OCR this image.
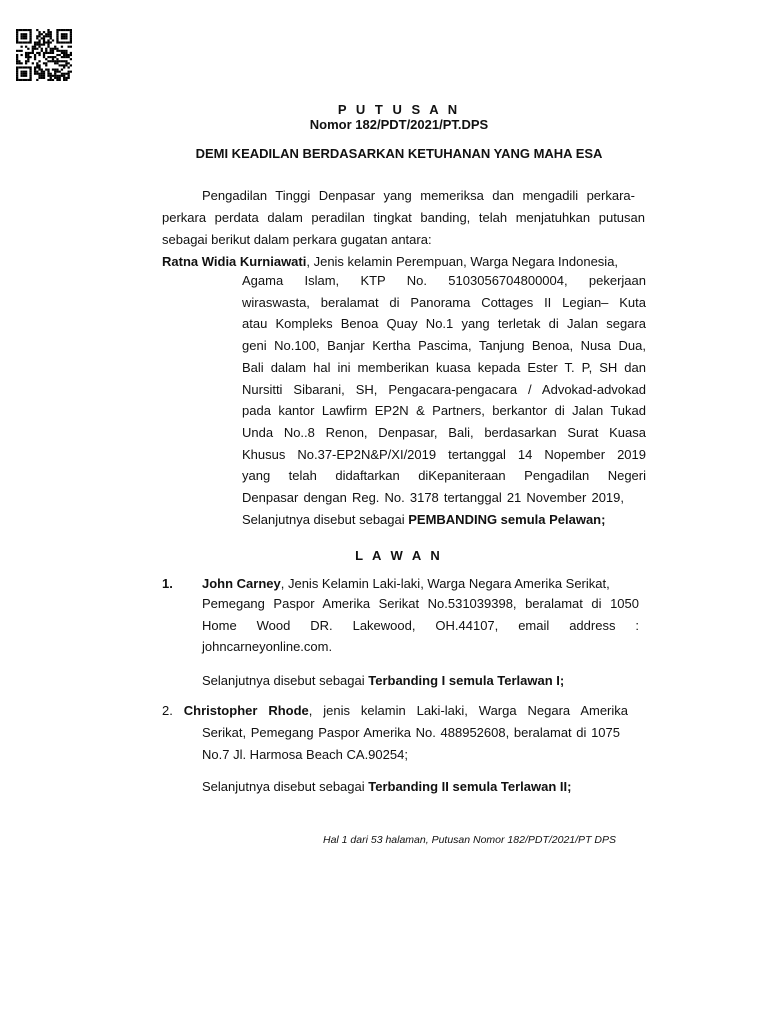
P U T U S A N
Nomor 182/PDT/2021/PT.DPS
DEMI KEADILAN BERDASARKAN KETUHANAN YANG MAHA ESA
Pengadilan Tinggi Denpasar yang memeriksa dan mengadili perkara-
perkara perdata dalam peradilan tingkat banding, telah menjatuhkan putusan
sebagai berikut dalam perkara gugatan antara:
Ratna Widia Kurniawati, Jenis kelamin Perempuan, Warga Negara Indonesia,
Agama Islam, KTP No. 5103056704800004, pekerjaan
wiraswasta, beralamat di Panorama Cottages II Legian– Kuta
atau Kompleks Benoa Quay No.1 yang terletak di Jalan segara
geni No.100, Banjar Kertha Pascima, Tanjung Benoa, Nusa Dua,
Bali dalam hal ini memberikan kuasa kepada Ester T. P, SH dan
Nursitti Sibarani, SH, Pengacara-pengacara / Advokad-advokad
pada kantor Lawfirm EP2N & Partners, berkantor di Jalan Tukad
Unda No..8 Renon, Denpasar, Bali, berdasarkan Surat Kuasa
Khusus No.37-EP2N&P/XI/2019 tertanggal 14 Nopember 2019
yang telah didaftarkan diKepaniteraan Pengadilan Negeri
Denpasar dengan Reg. No. 3178 tertanggal 21 November 2019,
Selanjutnya disebut sebagai PEMBANDING semula Pelawan;
L A W A N
1. John Carney, Jenis Kelamin Laki-laki, Warga Negara Amerika Serikat,
Pemegang Paspor Amerika Serikat No.531039398, beralamat di 1050
Home Wood DR. Lakewood, OH.44107, email address :
johncarneyonline.com.
Selanjutnya disebut sebagai Terbanding I semula Terlawan I;
2. Christopher Rhode, jenis kelamin Laki-laki, Warga Negara Amerika
Serikat, Pemegang Paspor Amerika No. 488952608, beralamat di 1075
No.7 Jl. Harmosa Beach CA.90254;
Selanjutnya disebut sebagai Terbanding II semula Terlawan II;
Hal 1 dari 53 halaman, Putusan Nomor 182/PDT/2021/PT DPS
